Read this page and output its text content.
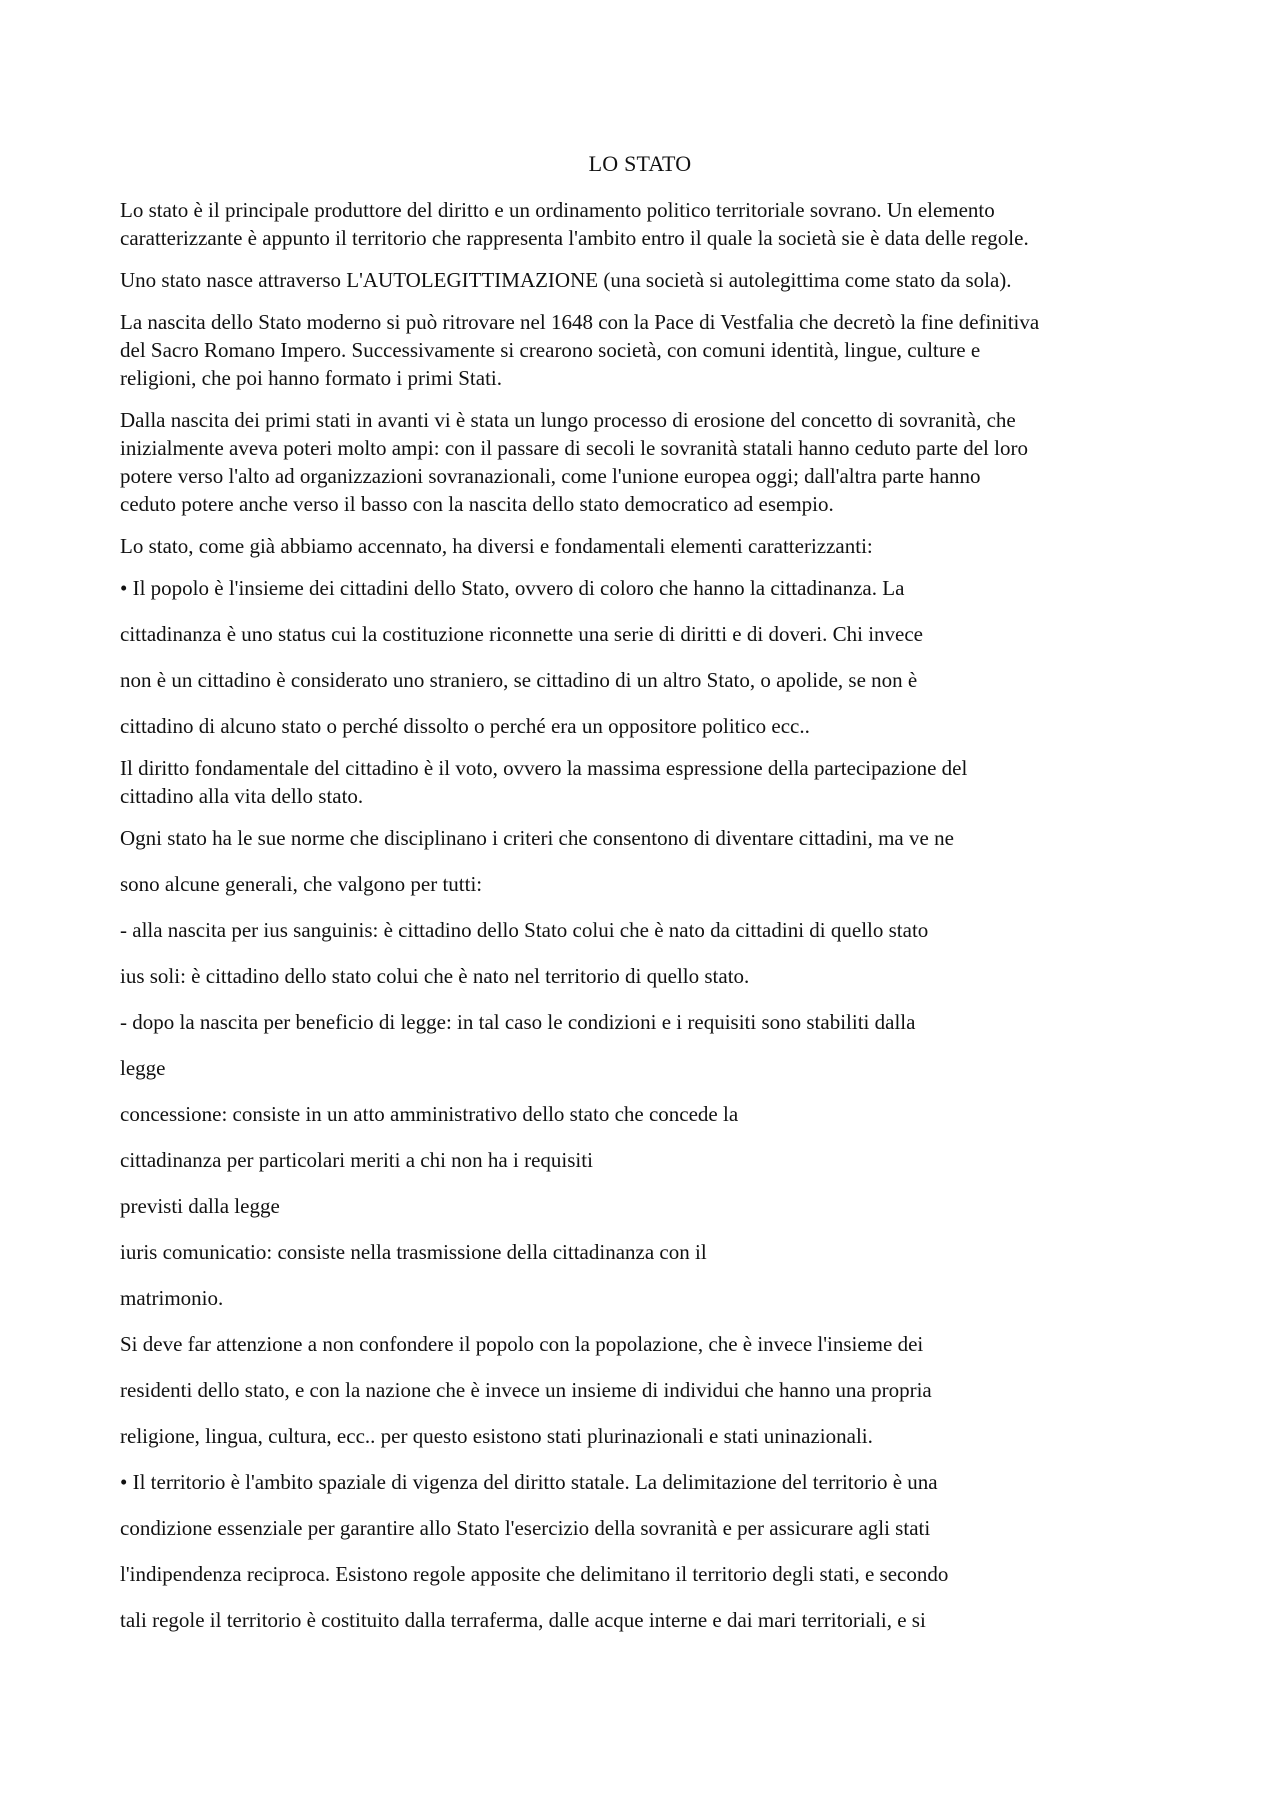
LO STATO

Lo stato è il principale produttore del diritto e un ordinamento politico territoriale sovrano. Un elemento
caratterizzante è appunto il territorio che rappresenta l'ambito entro il quale la società sie è data delle regole.

Uno stato nasce attraverso L'AUTOLEGITTIMAZIONE (una società si autolegittima come stato da sola).

La nascita dello Stato moderno si può ritrovare nel 1648 con la Pace di Vestfalia che decretò la fine definitiva
del Sacro Romano Impero. Successivamente si crearono società, con comuni identità, lingue, culture e
religioni, che poi hanno formato i primi Stati.

Dalla nascita dei primi stati in avanti vi è stata un lungo processo di erosione del concetto di sovranità, che
inizialmente aveva poteri molto ampi: con il passare di secoli le sovranità statali hanno ceduto parte del loro
potere verso l'alto ad organizzazioni sovranazionali, come l'unione europea oggi; dall'altra parte hanno
ceduto potere anche verso il basso con la nascita dello stato democratico ad esempio.

Lo stato, come già abbiamo accennato, ha diversi e fondamentali elementi caratterizzanti:

• Il popolo è l'insieme dei cittadini dello Stato, ovvero di coloro che hanno la cittadinanza. La
cittadinanza è uno status cui la costituzione riconnette una serie di diritti e di doveri. Chi invece
non è un cittadino è considerato uno straniero, se cittadino di un altro Stato, o apolide, se non è
cittadino di alcuno stato o perché dissolto o perché era un oppositore politico ecc..

Il diritto fondamentale del cittadino è il voto, ovvero la massima espressione della partecipazione del
cittadino alla vita dello stato.

Ogni stato ha le sue norme che disciplinano i criteri che consentono di diventare cittadini, ma ve ne
sono alcune generali, che valgono per tutti:
- alla nascita per ius sanguinis: è cittadino dello Stato colui che è nato da cittadini di quello stato
ius soli: è cittadino dello stato colui che è nato nel territorio di quello stato.
- dopo la nascita per beneficio di legge: in tal caso le condizioni e i requisiti sono stabiliti dalla
legge
concessione: consiste in un atto amministrativo dello stato che concede la
cittadinanza per particolari meriti a chi non ha i requisiti
previsti dalla legge
iuris comunicatio: consiste nella trasmissione della cittadinanza con il
matrimonio.
Si deve far attenzione a non confondere il popolo con la popolazione, che è invece l'insieme dei
residenti dello stato, e con la nazione che è invece un insieme di individui che hanno una propria
religione, lingua, cultura, ecc.. per questo esistono stati plurinazionali e stati uninazionali.
• Il territorio è l'ambito spaziale di vigenza del diritto statale. La delimitazione del territorio è una
condizione essenziale per garantire allo Stato l'esercizio della sovranità e per assicurare agli stati
l'indipendenza reciproca. Esistono regole apposite che delimitano il territorio degli stati, e secondo
tali regole il territorio è costituito dalla terraferma, dalle acque interne e dai mari territoriali, e si
